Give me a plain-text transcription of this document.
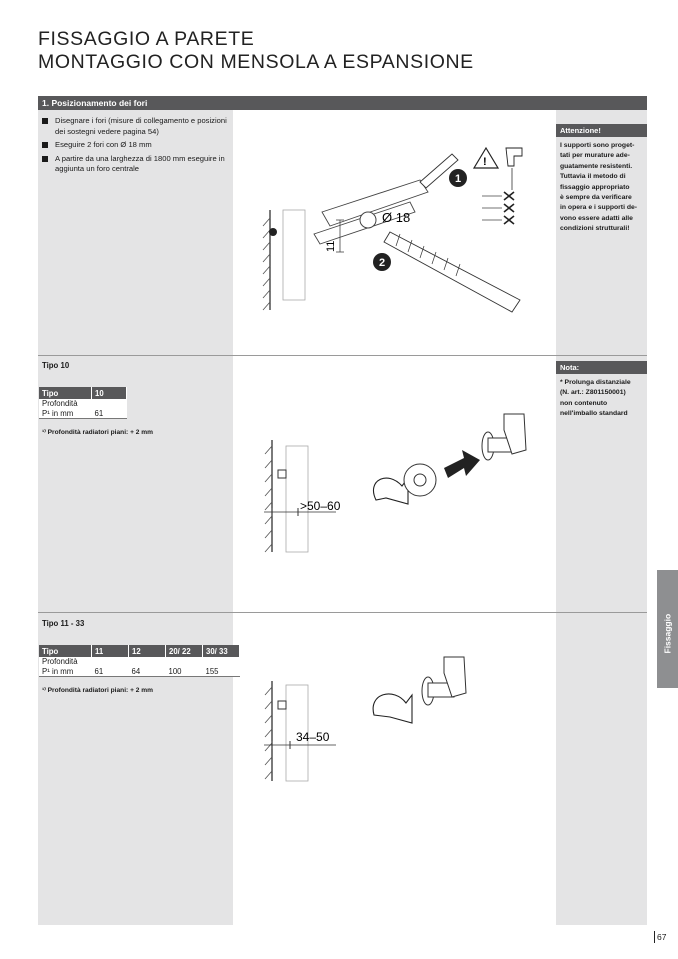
FISSAGGIO A PARETE
MONTAGGIO CON MENSOLA A ESPANSIONE
1. Posizionamento dei fori
Disegnare i fori (misure di collegamento e posizioni dei sostegni vedere pagina 54)
Eseguire 2 fori con Ø 18 mm
A partire da una larghezza di 1800 mm eseguire in aggiunta un foro centrale
Attenzione!
I supporti sono proget-
tati per murature ade-
guatamente resistenti.
Tuttavia il metodo di
fissaggio appropriato
è sempre da verificare
in opera e i supporti de-
vono essere adatti alle
condizioni strutturali!
11
Ø 18
1
2
!
Tipo 10
Tipo	10
Profondità	
P¹ in mm	61
¹⁾ Profondità radiatori piani: + 2 mm
Nota:
* Prolunga distanziale
(N. art.: Z801150001)
non contenuto
nell'imballo standard
>50–60
Tipo 11 - 33
Tipo	11	12	20/ 22	30/ 33
Profondità				
P¹ in mm	61	64	100	155
¹⁾ Profondità radiatori piani: + 2 mm
34–50
Fissaggio
67
